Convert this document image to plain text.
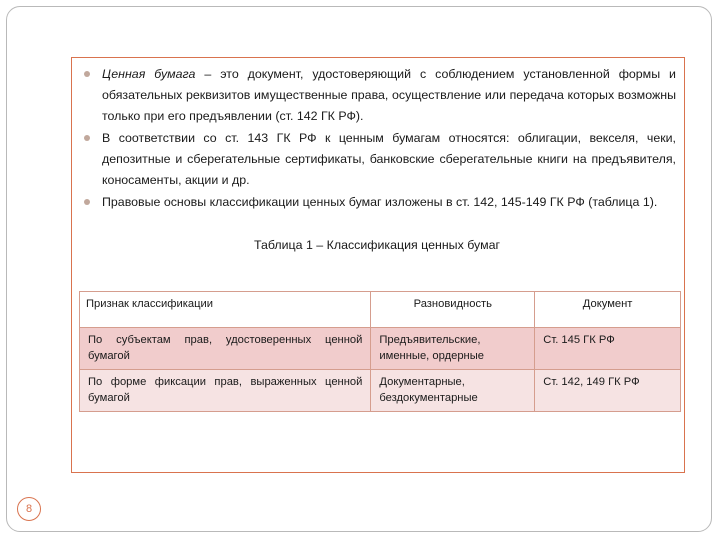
Ценная бумага – это документ, удостоверяющий с соблюдением установленной формы и обязательных реквизитов имущественные права, осуществление или передача которых возможны только при его предъявлении (ст. 142 ГК РФ).
В соответствии со ст. 143 ГК РФ к ценным бумагам относятся: облигации, векселя, чеки, депозитные и сберегательные сертификаты, банковские сберегательные книги на предъявителя, коносаменты, акции и др.
Правовые основы классификации ценных бумаг изложены в ст. 142, 145-149 ГК РФ (таблица 1).
Таблица 1 – Классификация ценных бумаг
Признак классификации	Разновидность	Документ
По субъектам прав, удостоверенных ценной бумагой	Предъявительские, именные, ордерные	Ст. 145 ГК РФ
По форме фиксации прав, выраженных ценной бумагой	Документарные, бездокументарные	Ст. 142, 149 ГК РФ
8
